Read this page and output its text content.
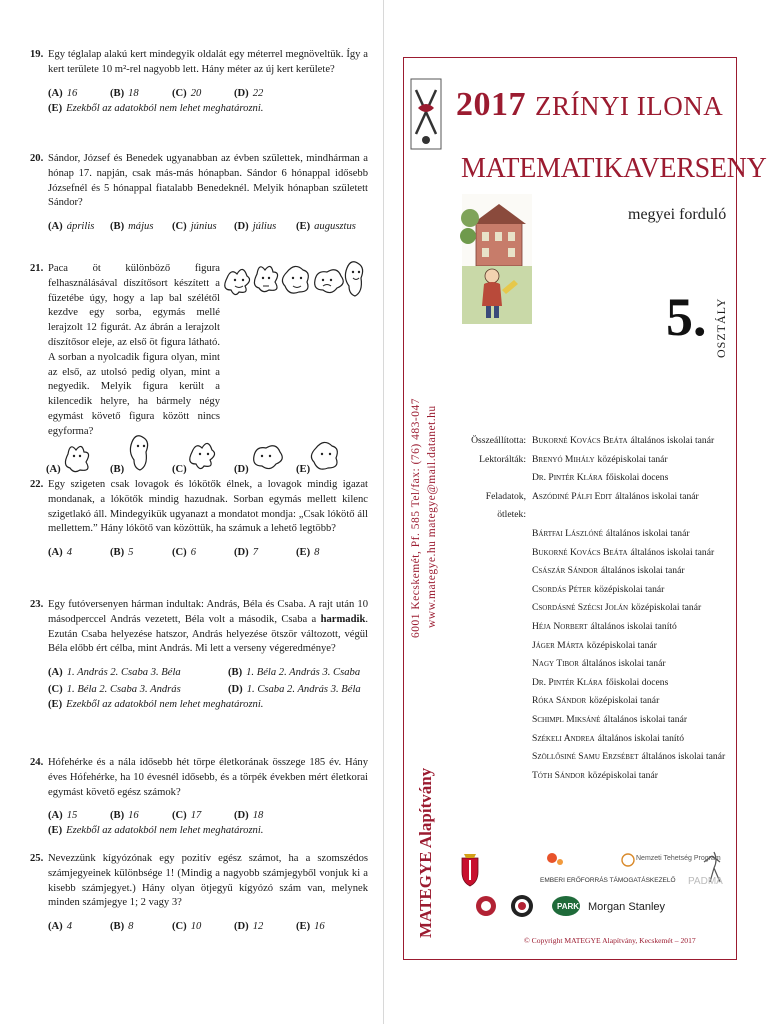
19. Egy téglalap alakú kert mindegyik oldalát egy méterrel megnöveltük. Így a kert területe 10 m²-rel nagyobb lett. Hány méter az új kert kerülete?
(A) 16	(B) 18	(C) 20	(D) 22
(E) Ezekből az adatokból nem lehet meghatározni.
20. Sándor, József és Benedek ugyanabban az évben születtek, mindhárman a hónap 17. napján, csak más-más hónapban. Sándor 6 hónappal idősebb Józsefnél és 5 hónappal fiatalabb Benedeknél. Melyik hónapban született Sándor?
(A) április	(B) május	(C) június	(D) július	(E) augusztus
21. Paca öt különböző figura felhasználásával díszítősort készített a füzetébe úgy, hogy a lap bal szélétől kezdve egy sorba, egymás mellé lerajzolt 12 figurát. Az ábrán a lerajzolt díszítősor eleje, az első öt figura látható. A sorban a nyolcadik figura olyan, mint az első, az utolsó pedig olyan, mint a negyedik. Melyik figura került a kilencedik helyre, ha bármely négy egymást követő figura között nincs egyforma?
(A)	(B)	(C)	(D)	(E)
22. Egy szigeten csak lovagok és lókötők élnek, a lovagok mindig igazat mondanak, a lókötők mindig hazudnak. Sorban egymás mellett kilenc szigetlakó áll. Mindegyikük ugyanazt a mondatot mondja: „Csak lókötő áll mellettem.” Hány lókötő van közöttük, ha számuk a lehető legtöbb?
(A) 4	(B) 5	(C) 6	(D) 7	(E) 8
23. Egy futóversenyen hárman indultak: András, Béla és Csaba. A rajt után 10 másodperccel András vezetett, Béla volt a második, Csaba a harmadik. Ezután Csaba helyezése hatszor, András helyezése ötször változott, végül Béla előbb ért célba, mint András. Mi lett a verseny végeredménye?
(A) 1. András 2. Csaba 3. Béla	(B) 1. Béla 2. András 3. Csaba
(C) 1. Béla 2. Csaba 3. András	(D) 1. Csaba 2. András 3. Béla
(E) Ezekből az adatokból nem lehet meghatározni.
24. Hófehérke és a nála idősebb hét törpe életkorának összege 185 év. Hány éves Hófehérke, ha 10 évesnél idősebb, és a törpék években mért életkorai egymást követő egész számok?
(A) 15	(B) 16	(C) 17	(D) 18
(E) Ezekből az adatokból nem lehet meghatározni.
25. Nevezzünk kígyózónak egy pozitív egész számot, ha a szomszédos számjegyeinek különbsége 1! (Mindig a nagyobb számjegyből vonjuk ki a kisebb számjegyet.) Hány olyan ötjegyű kígyózó szám van, melynek minden számjegye 1; 2 vagy 3?
(A) 4	(B) 8	(C) 10	(D) 12	(E) 16
2017 ZRÍNYI ILONA
MATEMATIKAVERSENY
megyei forduló
5. OSZTÁLY
MATEGYE Alapítvány
6001 Kecskemét, Pf. 585 Tel/fax: (76) 483-047 www.mategye.hu mategye@mail.datanet.hu	Összeállította: Bukorné Kovács Beáta általános iskolai tanár
Lektorálták: Brenyó Mihály középiskolai tanár
Dr. Pintér Klára főiskolai docens
Feladatok, ötletek:
Aszódiné Pálfi Edit általános iskolai tanár
Bártfai Lászlóné általános iskolai tanár
Bukorné Kovács Beáta általános iskolai tanár
Császár Sándor általános iskolai tanár
Csordás Péter középiskolai tanár
Csordásné Szécsi Jolán középiskolai tanár
Héja Norbert általános iskolai tanító
Jáger Márta középiskolai tanár
Nagy Tibor általános iskolai tanár
Dr. Pintér Klára főiskolai docens
Róka Sándor középiskolai tanár
Schimpl Miksáné általános iskolai tanár
Székeli Andrea általános iskolai tanító
Szöllősiné Samu Erzsébet általános iskolai tanár
Tóth Sándor középiskolai tanár
EMBERI ERŐFORRÁS TÁMOGATÁSKEZELŐ
Nemzeti Tehetség Program
PADMA
PARK Morgan Stanley
© Copyright MATEGYE Alapítvány, Kecskemét – 2017
